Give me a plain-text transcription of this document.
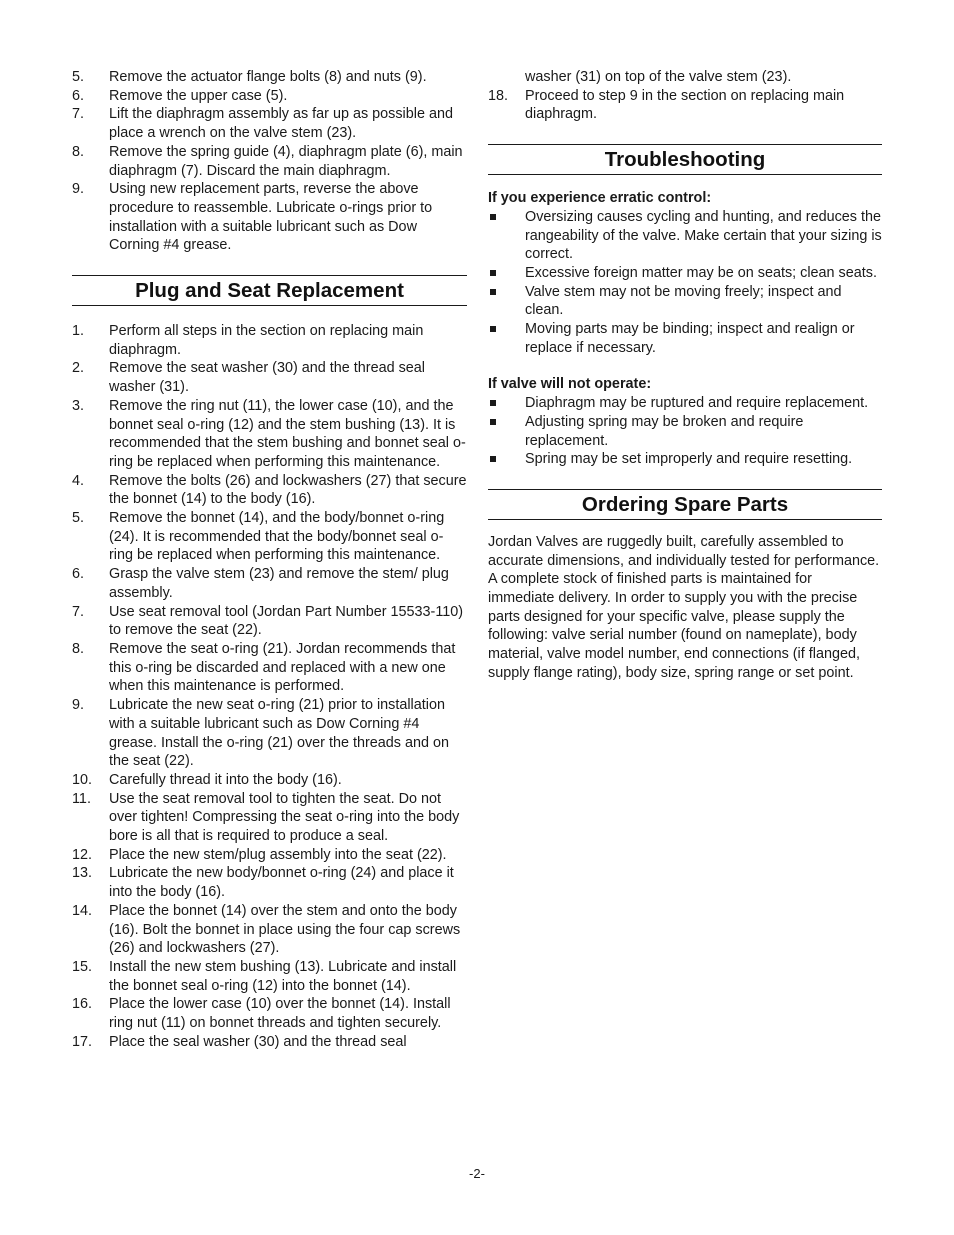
5.	Remove the actuator flange bolts (8) and nuts (9).
6.	Remove the upper case (5).
7.	Lift the diaphragm assembly as far up as possible and place a wrench on the valve stem (23).
8.	Remove the spring guide (4), diaphragm plate (6), main diaphragm (7). Discard the main diaphragm.
9.	Using new replacement parts, reverse the above procedure to reassemble. Lubricate o-rings prior to installation with a suitable lubricant such as Dow Corning #4 grease.
Plug and Seat Replacement
1.	Perform all steps in the section on replacing main diaphragm.
2.	Remove the seat washer (30) and the thread seal washer (31).
3.	Remove the ring nut (11), the lower case (10), and the bonnet seal o-ring (12) and the stem bushing (13). It is recommended that the stem bushing and bonnet seal o-ring be replaced when performing this maintenance.
4.	Remove the bolts (26) and lockwashers (27) that secure the bonnet (14) to the body (16).
5.	Remove the bonnet (14), and the body/bonnet o-ring (24). It is recommended that the body/bonnet seal o-ring be replaced when performing this maintenance.
6.	Grasp the valve stem (23) and remove the stem/ plug assembly.
7.	Use seat removal tool (Jordan Part Number 15533-110) to remove the seat (22).
8.	Remove the seat o-ring (21). Jordan recommends that this o-ring be discarded and replaced with a new one when this maintenance is performed.
9.	Lubricate the new seat o-ring (21) prior to installation with a suitable lubricant such as Dow Corning #4 grease. Install the o-ring (21) over the threads and on the seat (22).
10.	Carefully thread it into the body (16).
11.	Use the seat removal tool to tighten the seat. Do not over tighten! Compressing the seat o-ring into the body bore is all that is required to produce a seal.
12.	Place the new stem/plug assembly into the seat (22).
13.	Lubricate the new body/bonnet o-ring (24) and place it into the body (16).
14.	Place the bonnet (14) over the stem and onto the body (16). Bolt the bonnet in place using the four cap screws (26) and lockwashers (27).
15.	Install the new stem bushing (13). Lubricate and install the bonnet seal o-ring (12) into the bonnet (14).
16.	Place the lower case (10) over the bonnet (14). Install ring nut (11) on bonnet threads and tighten securely.
17.	Place the seal washer (30) and the thread seal
washer (31) on top of the valve stem (23).
18.	Proceed to step 9 in the section on replacing main diaphragm.
Troubleshooting

If you experience erratic control:

Oversizing causes cycling and hunting, and reduces the rangeability of the valve. Make certain that your sizing is correct.
Excessive foreign matter may be on seats; clean seats.
Valve stem may not be moving freely; inspect and clean.
Moving parts may be binding; inspect and realign or replace if necessary.

If valve will not operate:

Diaphragm may be ruptured and require replacement.
Adjusting spring may be broken and require replacement.
Spring may be set improperly and require resetting.
Ordering Spare Parts

Jordan Valves are ruggedly built, carefully assembled to accurate dimensions, and individually tested for performance. A complete stock of finished parts is maintained for immediate delivery. In order to supply you with the precise parts designed for your specific valve, please supply the following: valve serial number (found on nameplate), body material, valve model number, end connections (if flanged, supply flange rating), body size, spring range or set point.

-2-
